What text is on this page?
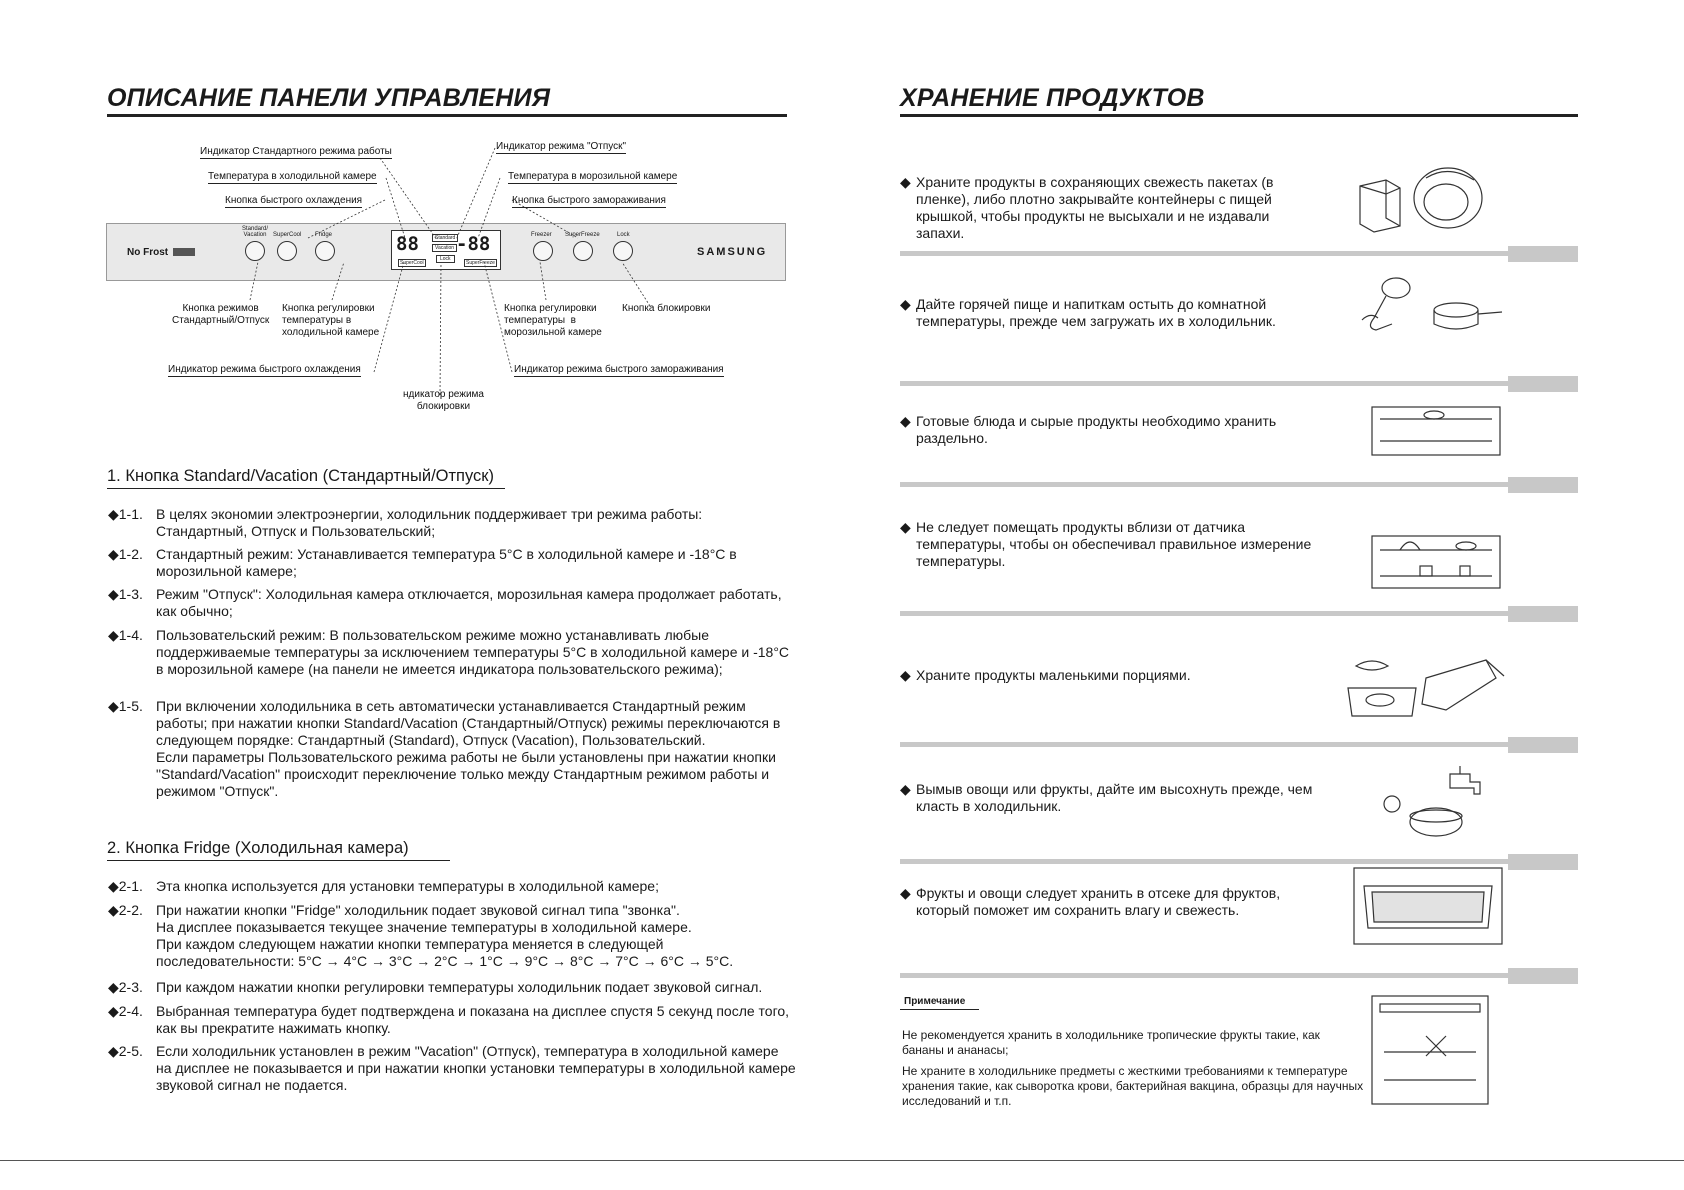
ОПИСАНИЕ ПАНЕЛИ УПРАВЛЕНИЯ
No Frost	SAMSUNG
Standard/ Vacation	SuperCool Fridge	88	Standard
Vacation
Lock
-88
SuperCool	SuperFreeze
Freezer SuperFreeze	Lock
Индикатор Стандартного режима работы	Индикатор режима "Отпуск"
Температура в холодильной камере	Температура в морозильной камере
Кнопка быстрого охлаждения	Кнопка быстрого замораживания
Кнопка режимов
Стандартный/Отпуск
Кнопка регулировки
температуры в
холодильной камере
Кнопка регулировки
температуры  в
морозильной камере
Кнопка блокировки
Индикатор режима быстрого охлаждения	Индикатор режима быстрого замораживания
ндикатор режима
блокировки
1. Кнопка Standard/Vacation (Стандартный/Отпуск)
◆1-1. В целях экономии электроэнергии, холодильник поддерживает три режима работы: Стандартный, Отпуск и Пользовательский;
◆1-2. Стандартный режим: Устанавливается температура 5°C в холодильной камере и -18°C в морозильной камере;
◆1-3. Режим "Отпуск": Холодильная камера отключается, морозильная камера продолжает работать, как обычно;
◆1-4. Пользовательский режим: В пользовательском режиме можно устанавливать любые поддерживаемые температуры за исключением температуры 5°C в холодильной камере и -18°C в морозильной камере (на панели не имеется индикатора пользовательского режима);
◆1-5. При включении холодильника в сеть автоматически устанавливается Стандартный режим работы; при нажатии кнопки Standard/Vacation (Стандартный/Отпуск) режимы переключаются в следующем порядке: Стандартный (Standard), Отпуск (Vacation), Пользовательский.
Если параметры Пользовательского режима работы не были установлены при нажатии кнопки "Standard/Vacation" происходит переключение только между Стандартным режимом работы и режимом "Отпуск".
2. Кнопка Fridge (Холодильная камера)
◆2-1. Эта кнопка используется для установки температуры в холодильной камере;
◆2-2. При нажатии кнопки "Fridge" холодильник подает звуковой сигнал типа "звонка".
На дисплее показывается текущее значение температуры в холодильной камере.
При каждом следующем нажатии кнопки температура меняется в следующей последовательности: 5°C → 4°C → 3°C → 2°C → 1°C → 9°C → 8°C → 7°C → 6°C → 5°C.
◆2-3. При каждом нажатии кнопки регулировки температуры холодильник подает звуковой сигнал.
◆2-4. Выбранная температура будет подтверждена и показана на дисплее спустя 5 секунд после того, как вы прекратите нажимать кнопку.
◆2-5. Если холодильник установлен в режим "Vacation" (Отпуск), температура в холодильной камере на дисплее не показывается и при нажатии кнопки установки температуры в холодильной камере звуковой сигнал не подается.
ХРАНЕНИЕ ПРОДУКТОВ
◆ Храните продукты в сохраняющих свежесть пакетах (в пленке), либо плотно закрывайте контейнеры с пищей крышкой, чтобы продукты не высыхали и не издавали запахи.
◆ Дайте горячей пище и напиткам остыть до комнатной температуры, прежде чем загружать их в холодильник.
◆ Готовые блюда и сырые продукты необходимо хранить раздельно.
◆ Не следует помещать продукты вблизи от датчика температуры, чтобы он обеспечивал правильное измерение температуры.
◆ Храните продукты маленькими порциями.
◆ Вымыв овощи или фрукты, дайте им высохнуть прежде, чем класть в холодильник.
◆ Фрукты и овощи следует хранить в отсеке для фруктов, который поможет им сохранить влагу и свежесть.
Примечание
Не рекомендуется хранить в холодильнике тропические фрукты такие, как бананы и ананасы;
Не храните в холодильнике предметы с жесткими требованиями к температуре хранения такие, как сыворотка крови, бактерийная вакцина, образцы для научных исследований и т.п.
